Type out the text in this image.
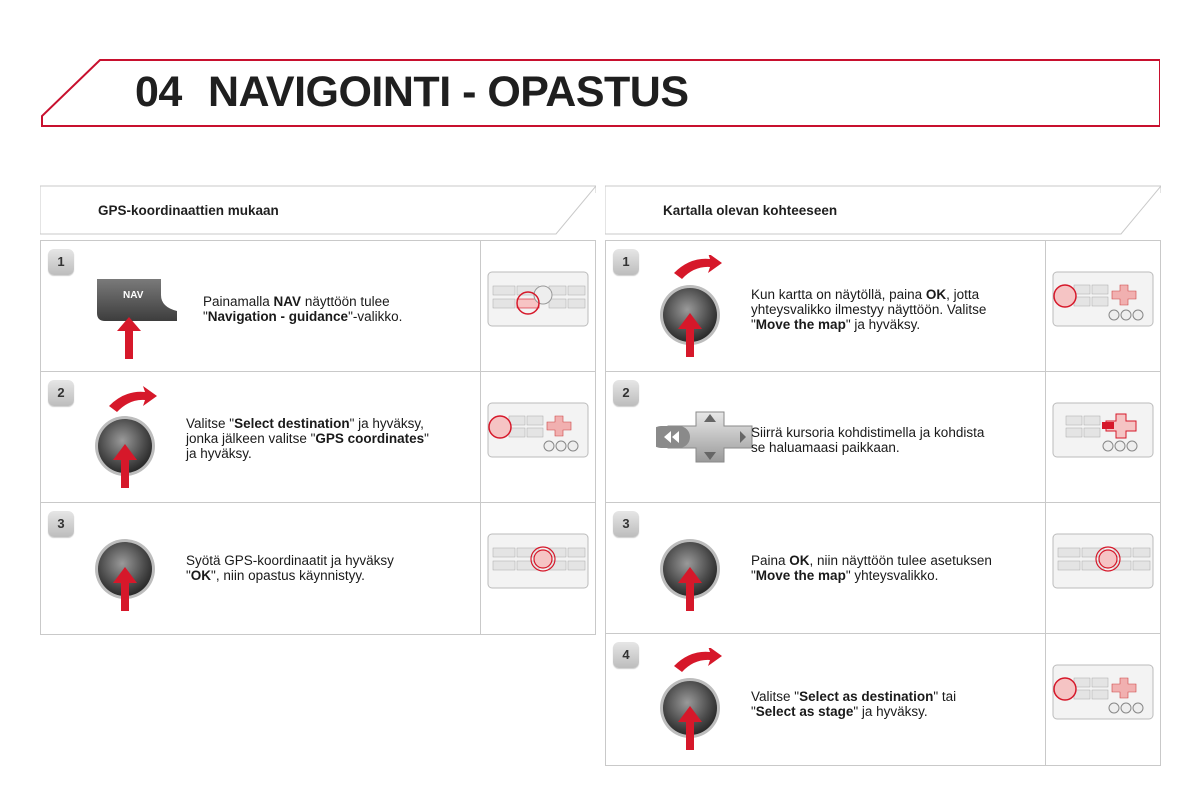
04 NAVIGOINTI - OPASTUS
GPS-koordinaattien mukaan
1
NAV	Painamalla NAV näyttöön tulee
"Navigation - guidance"-valikko.
2
Valitse "Select destination" ja hyväksy,
jonka jälkeen valitse "GPS coordinates"
ja hyväksy.
3
Syötä GPS-koordinaatit ja hyväksy
"OK", niin opastus käynnistyy.
Kartalla olevan kohteeseen
1
Kun kartta on näytöllä, paina OK, jotta
yhteysvalikko ilmestyy näyttöön. Valitse
"Move the map" ja hyväksy.
2
Siirrä kursoria kohdistimella ja kohdista
se haluamaasi paikkaan.
3
Paina OK, niin näyttöön tulee asetuksen
"Move the map" yhteysvalikko.
4
Valitse "Select as destination" tai
"Select as stage" ja hyväksy.
